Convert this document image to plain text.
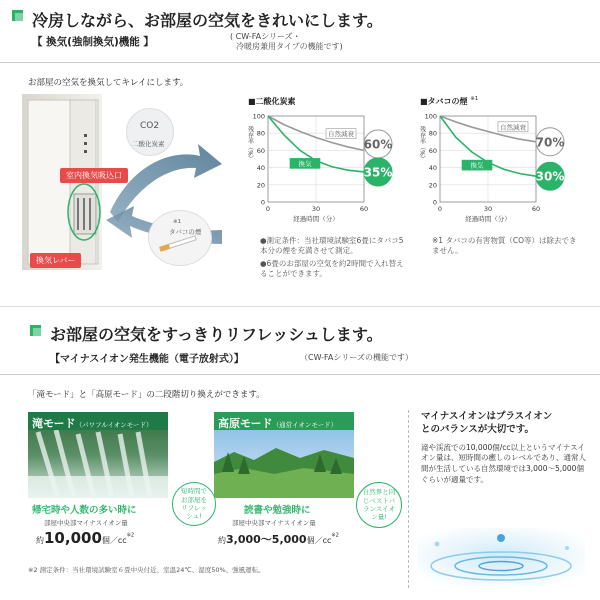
冷房しながら、お部屋の空気をきれいにします。
【 換気(強制換気)機能 】	( CW-FAシリーズ・
冷暖房兼用タイプの機能です)
お部屋の空気を換気してキレイにします。
CO2
二酸化炭素
※1
タバコの煙
室内換気吸込口
換気レバー
■二酸化炭素
100
80
60
40
20
0
0	30	60
残存率（%）
経過時間（分）
自然減衰
60%
換気
35%
■タバコの煙 $^{※1}$
100
80
60
40
20
0
0	30	60
残存率（%）
経過時間（分）
自然減衰
70%
換気
30%
●測定条件：当社環境試験室6畳にタバコ5本分の煙を充満させて測定。
●6畳のお部屋の空気を約2時間で入れ替えることができます。
※1 タバコの有害物質（CO等）は除去できません。
お部屋の空気をすっきりリフレッシュします。
【マイナスイオン発生機能（電子放射式）】	（CW-FAシリーズの機能です）
「滝モード」と「高原モード」の二段階切り換えができます。
滝モード（パワフルイオンモード）
帰宅時や人数の多い時に
部屋中央部マイナスイオン量
約10,000個$/cc^{※2}$
短時間でお部屋をリフレッシュ!
高原モード（通常イオンモード）
読書や勉強時に
部屋中央部マイナスイオン量
約3,000〜5,000個$/cc^{※2}$
自然界と同じベストバランスイオン量!
※2 測定条件：当社環境試験室６畳中央付近、室温24℃、湿度50%、強風運転。
マイナスイオンはプラスイオン
とのバランスが大切です。
滝や渓流での10,000個/cc以上というマイナスイオン量は、短時間の癒しのレベルであり、通常人間が生活している自然環境では3,000〜5,000個ぐらいが適量です。
